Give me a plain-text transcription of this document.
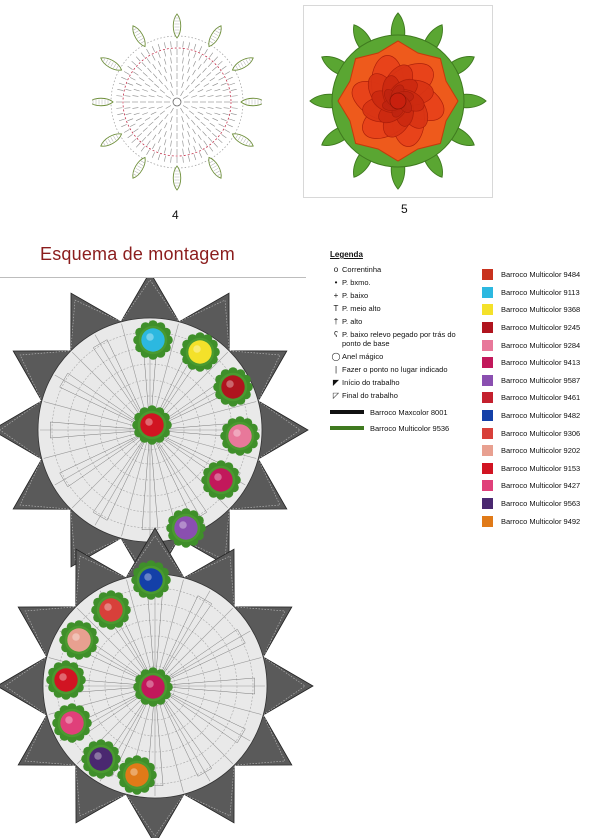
4	5
Esquema de montagem	Legenda
o Correntinha
• P. bxmo.
+ P. baixo
T P. meio alto
† P. alto
ʕ P. baixo relevo pegado por trás do ponto de base
◯ Anel mágico
| Fazer o ponto no lugar indicado
◤ Início do trabalho
◸ Final do trabalho
Barroco Maxcolor 8001
Barroco Multicolor 9536
Barroco Multicolor 9484
Barroco Multicolor 9113
Barroco Multicolor 9368
Barroco Multicolor 9245
Barroco Multicolor 9284
Barroco Multicolor 9413
Barroco Multicolor 9587
Barroco Multicolor 9461
Barroco Multicolor 9482
Barroco Multicolor 9306
Barroco Multicolor 9202
Barroco Multicolor 9153
Barroco Multicolor 9427
Barroco Multicolor 9563
Barroco Multicolor 9492
